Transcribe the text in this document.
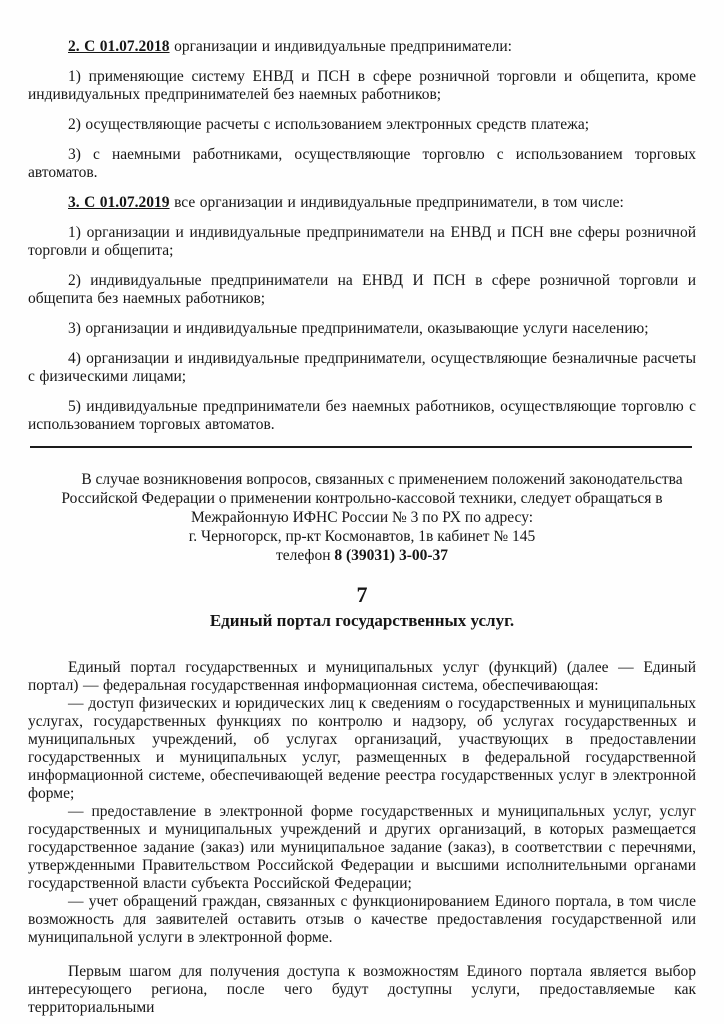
2. С 01.07.2018 организации и индивидуальные предприниматели:

1) применяющие систему ЕНВД и ПСН в сфере розничной торговли и общепита, кроме индивидуальных предпринимателей без наемных работников;

2) осуществляющие расчеты с использованием электронных средств платежа;

3) с наемными работниками, осуществляющие торговлю с использованием торговых автоматов.

3. С 01.07.2019 все организации и индивидуальные предприниматели, в том числе:

1) организации и индивидуальные предприниматели на ЕНВД и ПСН вне сферы розничной торговли и общепита;

2) индивидуальные предприниматели на ЕНВД И ПСН в сфере розничной торговли и общепита без наемных работников;

3) организации и индивидуальные предприниматели, оказывающие услуги населению;

4) организации и индивидуальные предприниматели, осуществляющие безналичные расчеты с физическими лицами;

5) индивидуальные предприниматели без наемных работников, осуществляющие торговлю с использованием торговых автоматов.

В случае возникновения вопросов, связанных с применением положений законодательства

Российской Федерации о применении контрольно-кассовой техники, следует обращаться в

Межрайонную ИФНС России № 3 по РХ по адресу:

г. Черногорск, пр-кт Космонавтов, 1в кабинет № 145

телефон 8 (39031) 3-00-37

7

Единый портал государственных услуг.

Единый портал государственных и муниципальных услуг (функций) (далее — Единый портал) — федеральная государственная информационная система, обеспечивающая:

— доступ физических и юридических лиц к сведениям о государственных и муниципальных услугах, государственных функциях по контролю и надзору, об услугах государственных и муниципальных учреждений, об услугах организаций, участвующих в предоставлении государственных и муниципальных услуг, размещенных в федеральной государственной информационной системе, обеспечивающей ведение реестра государственных услуг в электронной форме;

— предоставление в электронной форме государственных и муниципальных услуг, услуг государственных и муниципальных учреждений и других организаций, в которых размещается государственное задание (заказ) или муниципальное задание (заказ), в соответствии с перечнями, утвержденными Правительством Российской Федерации и высшими исполнительными органами государственной власти субъекта Российской Федерации;

— учет обращений граждан, связанных с функционированием Единого портала, в том числе возможность для заявителей оставить отзыв о качестве предоставления государственной или муниципальной услуги в электронной форме.

Первым шагом для получения доступа к возможностям Единого портала является выбор интересующего региона, после чего будут доступны услуги, предоставляемые как территориальными
